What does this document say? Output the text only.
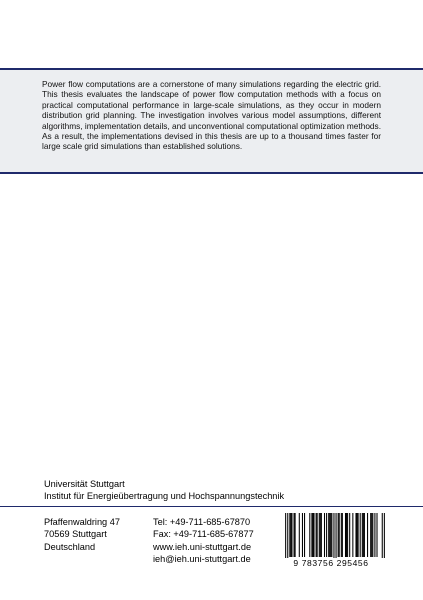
Power flow computations are a cornerstone of many simulations regarding the electric grid. This thesis evaluates the landscape of power flow computation methods with a focus on practical computational performance in large-scale simulations, as they occur in modern distribution grid planning. The investigation involves various model assumptions, different algorithms, implementation details, and unconventional computational optimization methods. As a result, the implementations devised in this thesis are up to a thousand times faster for large scale grid simulations than established solutions.
Universität Stuttgart
Institut für Energieübertragung und Hochspannungstechnik
Pfaffenwaldring 47
70569 Stuttgart
Deutschland
Tel: +49-711-685-67870
Fax: +49-711-685-67877
www.ieh.uni-stuttgart.de
ieh@ieh.uni-stuttgart.de	9 783756 295456
